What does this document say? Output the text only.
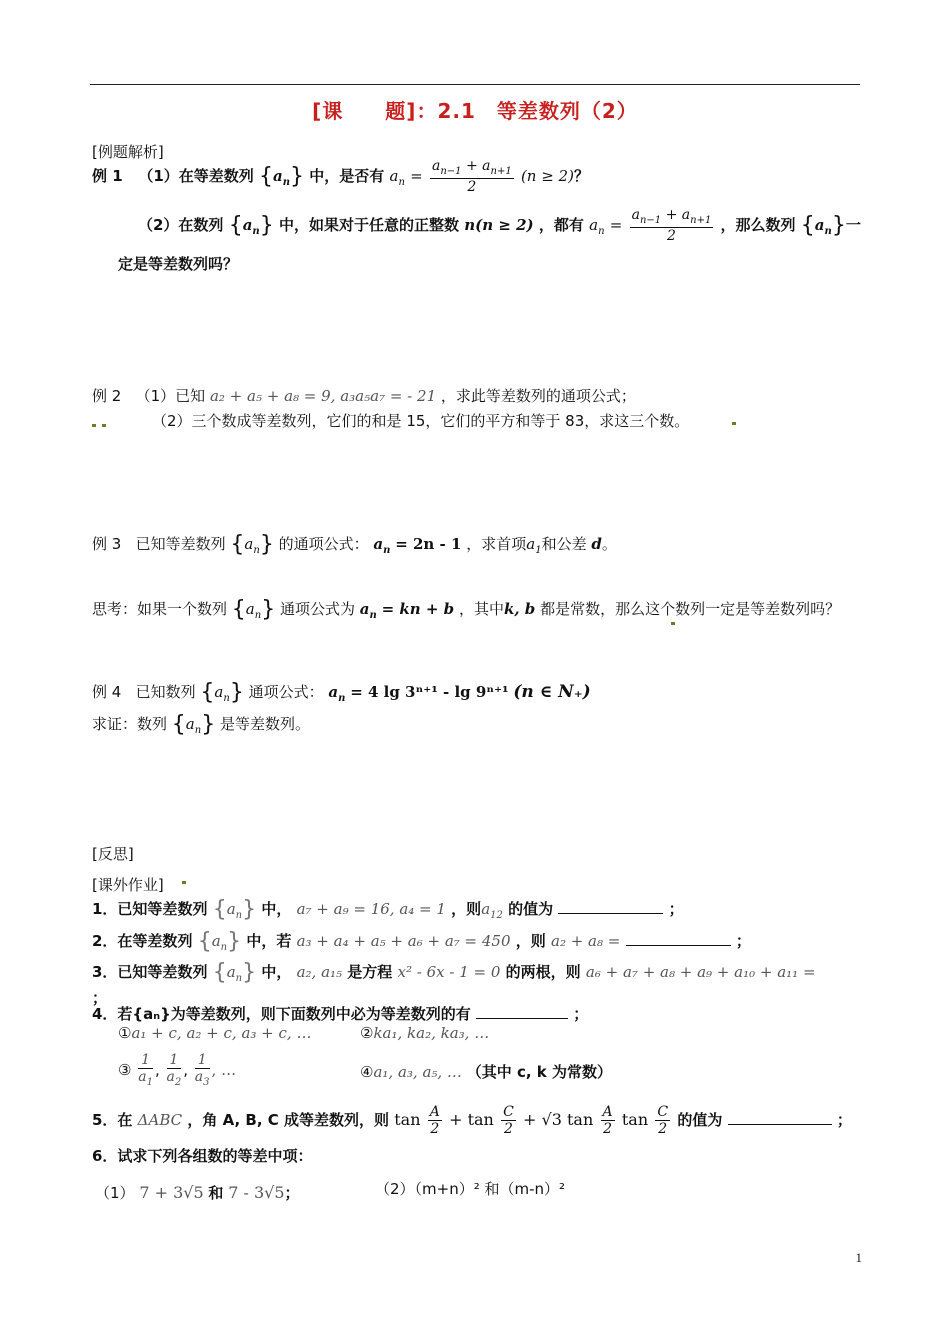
[课　　题]：2.1　等差数列（2）
[例题解析]
例 1 （1）在等差数列 $\{a_n\}$ 中，是否有 $a_n = \frac{a_{n-1} + a_{n+1}}{2} (n \ge 2)$？
（2）在数列 $\{a_n\}$ 中，如果对于任意的正整数 n(n ≥ 2) ，都有 $a_n = \frac{a_{n-1} + a_{n+1}}{2}$ ，那么数列 $\{a_n\}$一
定是等差数列吗？
例 2 （1）已知 a₂ + a₅ + a₈ = 9, a₃a₅a₇ = - 21 ，求此等差数列的通项公式；
（2）三个数成等差数列，它们的和是 15，它们的平方和等于 83，求这三个数。
例 3 已知等差数列 $\{a_n\}$ 的通项公式： $a_n = 2n - 1$ ，求首项$a_1$和公差 d。
思考：如果一个数列 $\{a_n\}$ 通项公式为 $a_n$ = kn + b ，其中k, b 都是常数，那么这个数列一定是等差数列吗？
例 4 已知数列 $\{a_n\}$ 通项公式： $a_n = 4$ lg 3ⁿ⁺¹ - lg 9ⁿ⁺¹ (n ∈ N₊)
求证：数列 $\{a_n\}$ 是等差数列。
[反思]
[课外作业]
1．已知等差数列 $\{a_n\}$ 中， a₇ + a₉ = 16, a₄ = 1 ，则$a_{12}$ 的值为	；
2．在等差数列 $\{a_n\}$ 中，若 a₃ + a₄ + a₅ + a₆ + a₇ = 450 ，则 a₂ + a₈ =	；
3．已知等差数列 $\{a_n\}$ 中， a₂, a₁₅ 是方程 x² - 6x - 1 = 0 的两根，则 a₆ + a₇ + a₈ + a₉ + a₁₀ + a₁₁ =
；
4．若{aₙ}为等差数列，则下面数列中必为等差数列的有	；
①a₁ + c, a₂ + c, a₃ + c, …	②ka₁, ka₂, ka₃, …
③ $\frac{1}{a_1}$ , $\frac{1}{a_2}$ , $\frac{1}{a_3}$ , …	④a₁, a₃, a₅, … （其中 c, k 为常数）
5．在 ΔABC ，角 A, B, C 成等差数列，则 $\tan \frac{A}{2} + \tan \frac{C}{2} + √3$ $\tan \frac{A}{2}$ $\tan \frac{C}{2}$ 的值为	；
6．试求下列各组数的等差中项：
（1） 7 + 3√5 和 7 - 3√5；	（2）（m+n）² 和（m-n）²
1
